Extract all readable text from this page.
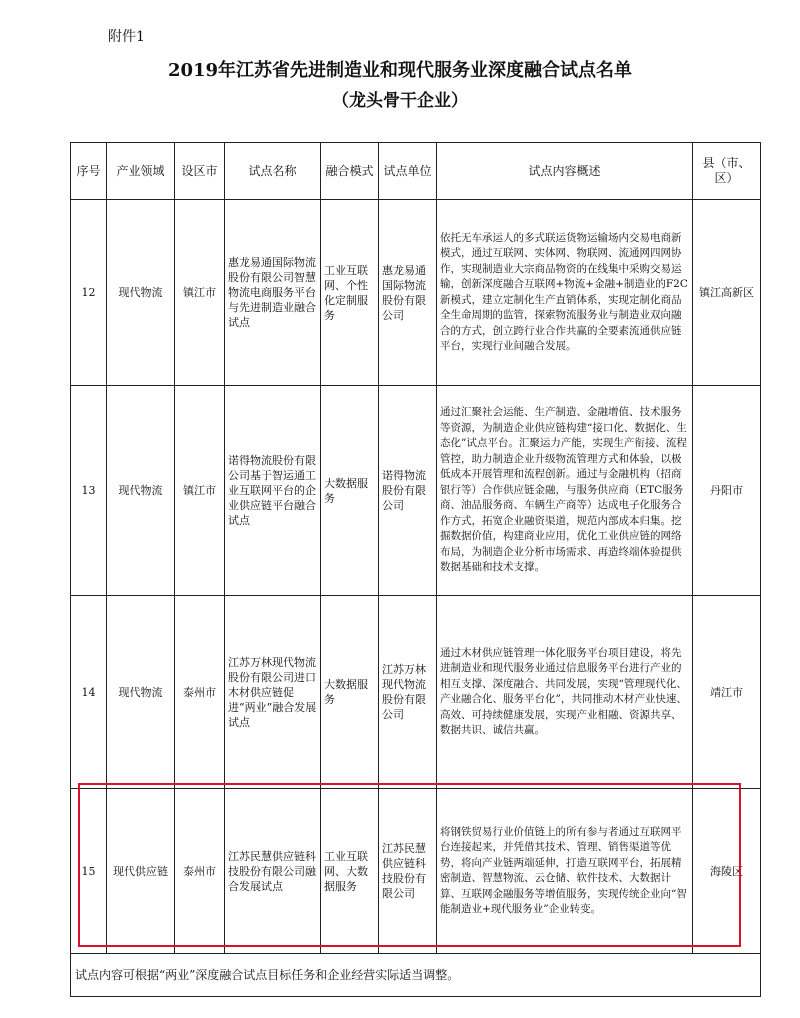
附件1
2019年江苏省先进制造业和现代服务业深度融合试点名单
（龙头骨干企业）
序号	产业领域	设区市	试点名称	融合模式	试点单位	试点内容概述	县（市、区）
12	现代物流	镇江市	惠龙易通国际物流股份有限公司智慧物流电商服务平台与先进制造业融合试点	工业互联网、个性化定制服务	惠龙易通国际物流股份有限公司	依托无车承运人的多式联运货物运输场内交易电商新模式，通过互联网、实体网、物联网、流通网四网协作，实现制造业大宗商品物资的在线集中采购交易运输，创新深度融合互联网+物流+金融+制造业的F2C新模式，建立定制化生产直销体系，实现定制化商品全生命周期的监管，探索物流服务业与制造业双向融合的方式，创立跨行业合作共赢的全要素流通供应链平台，实现行业间融合发展。	镇江高新区
13	现代物流	镇江市	诺得物流股份有限公司基于智运通工业互联网平台的企业供应链平台融合试点	大数据服务	诺得物流股份有限公司	通过汇聚社会运能、生产制造、金融增值、技术服务等资源，为制造企业供应链构建“接口化、数据化、生态化”试点平台。汇聚运力产能，实现生产衔接、流程管控，助力制造企业升级物流管理方式和体验，以极低成本开展管理和流程创新。通过与金融机构（招商银行等）合作供应链金融，与服务供应商（ETC服务商、油品服务商、车辆生产商等）达成电子化服务合作方式，拓宽企业融资渠道，规范内部成本归集。挖掘数据价值，构建商业应用，优化工业供应链的网络布局，为制造企业分析市场需求、再造终端体验提供数据基础和技术支撑。	丹阳市
14	现代物流	泰州市	江苏万林现代物流股份有限公司进口木材供应链促进“两业”融合发展试点	大数据服务	江苏万林现代物流股份有限公司	通过木材供应链管理一体化服务平台项目建设，将先进制造业和现代服务业通过信息服务平台进行产业的相互支撑、深度融合、共同发展，实现“管理现代化、产业融合化、服务平台化”，共同推动木材产业快速、高效、可持续健康发展，实现产业相融、资源共享、数据共识、诚信共赢。	靖江市
15	现代供应链	泰州市	江苏民慧供应链科技股份有限公司融合发展试点	工业互联网、大数据服务	江苏民慧供应链科技股份有限公司	将钢铁贸易行业价值链上的所有参与者通过互联网平台连接起来，并凭借其技术、管理、销售渠道等优势，将向产业链两端延伸，打造互联网平台，拓展精密制造、智慧物流、云仓储、软件技术、大数据计算、互联网金融服务等增值服务，实现传统企业向“智能制造业+现代服务业”企业转变。	海陵区
试点内容可根据“两业”深度融合试点目标任务和企业经营实际适当调整。							
